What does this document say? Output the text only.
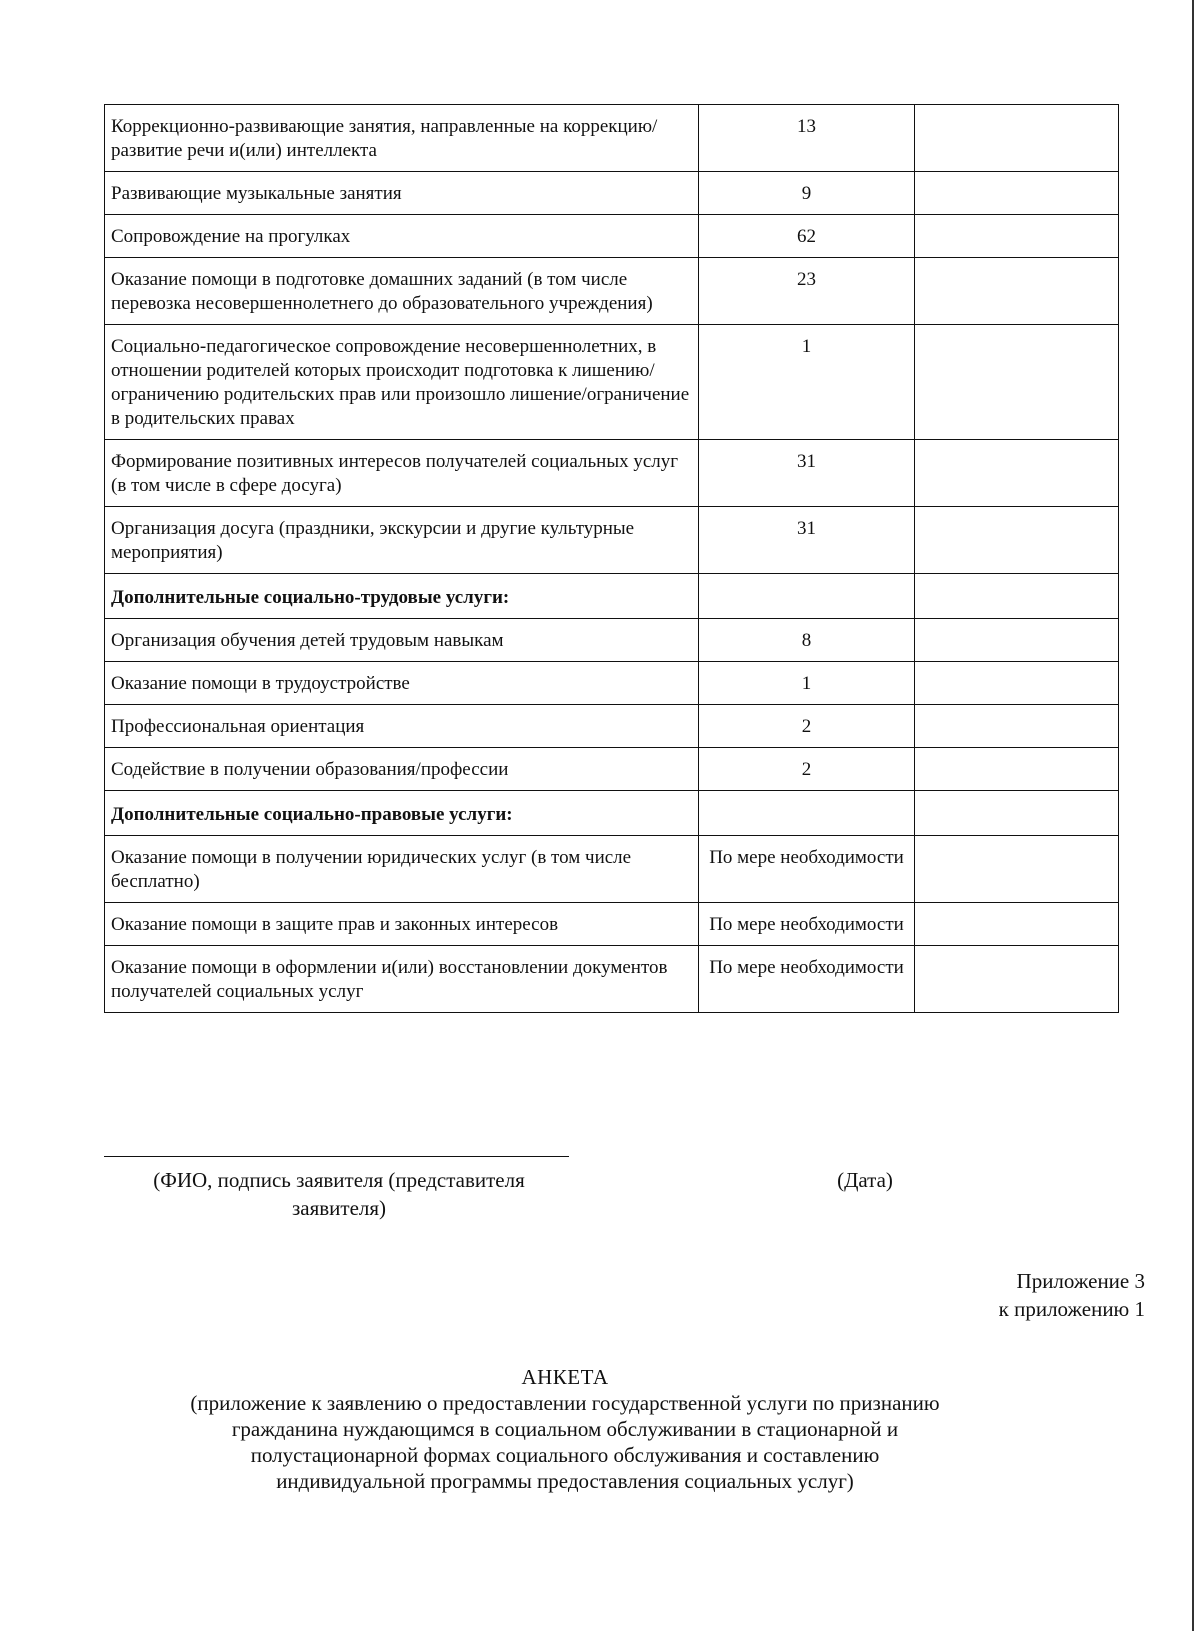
Коррекционно-развивающие занятия, направленные на коррекцию/развитие речи и(или) интеллекта	13	
Развивающие музыкальные занятия	9	
Сопровождение на прогулках	62	
Оказание помощи в подготовке домашних заданий (в том числе перевозка несовершеннолетнего до образовательного учреждения)	23	
Социально-педагогическое сопровождение несовершеннолетних, в отношении родителей которых происходит подготовка к лишению/ограничению родительских прав или произошло лишение/ограничение в родительских правах	1	
Формирование позитивных интересов получателей социальных услуг (в том числе в сфере досуга)	31	
Организация досуга (праздники, экскурсии и другие культурные мероприятия)	31	
Дополнительные социально-трудовые услуги:		
Организация обучения детей трудовым навыкам	8	
Оказание помощи в трудоустройстве	1	
Профессиональная ориентация	2	
Содействие в получении образования/профессии	2	
Дополнительные социально-правовые услуги:		
Оказание помощи в получении юридических услуг (в том числе бесплатно)	По мере необходимости	
Оказание помощи в защите прав и законных интересов	По мере необходимости	
Оказание помощи в оформлении и(или) восстановлении документов получателей социальных услуг	По мере необходимости	
(ФИО, подпись заявителя (представителя
заявителя)
(Дата)
Приложение 3
к приложению 1
АНКЕТА
(приложение к заявлению о предоставлении государственной услуги по признанию
гражданина нуждающимся в социальном обслуживании в стационарной и
полустационарной формах социального обслуживания и составлению
индивидуальной программы предоставления социальных услуг)
